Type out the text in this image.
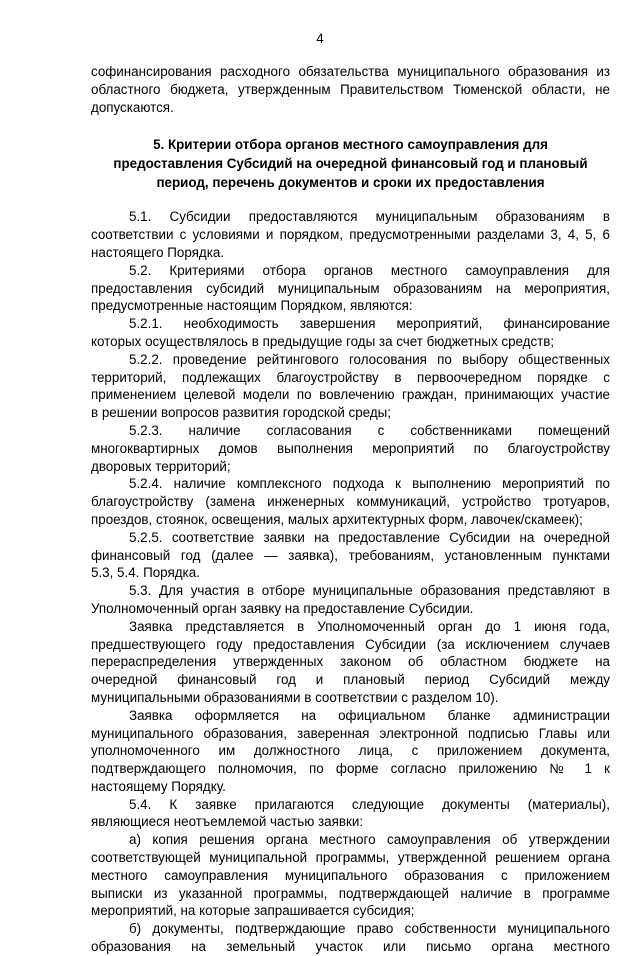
4
софинансирования расходного обязательства муниципального образования из
областного бюджета, утвержденным Правительством Тюменской области, не
допускаются.
5. Критерии отбора органов местного самоуправления для
предоставления Субсидий на очередной финансовый год и плановый
период, перечень документов и сроки их предоставления
5.1. Субсидии предоставляются муниципальным образованиям в
соответствии с условиями и порядком, предусмотренными разделами 3, 4, 5, 6
настоящего Порядка.
5.2. Критериями отбора органов местного самоуправления для
предоставления субсидий муниципальным образованиям на мероприятия,
предусмотренные настоящим Порядком, являются:
5.2.1. необходимость завершения мероприятий, финансирование
которых осуществлялось в предыдущие годы за счет бюджетных средств;
5.2.2. проведение рейтингового голосования по выбору общественных
территорий, подлежащих благоустройству в первоочередном порядке с
применением целевой модели по вовлечению граждан, принимающих участие
в решении вопросов развития городской среды;
5.2.3. наличие согласования с собственниками помещений
многоквартирных домов выполнения мероприятий по благоустройству
дворовых территорий;
5.2.4. наличие комплексного подхода к выполнению мероприятий по
благоустройству (замена инженерных коммуникаций, устройство тротуаров,
проездов, стоянок, освещения, малых архитектурных форм, лавочек/скамеек);
5.2.5. соответствие заявки на предоставление Субсидии на очередной
финансовый год (далее — заявка), требованиям, установленным пунктами
5.3, 5.4. Порядка.
5.3. Для участия в отборе муниципальные образования представляют в
Уполномоченный орган заявку на предоставление Субсидии.
Заявка представляется в Уполномоченный орган до 1 июня года,
предшествующего году предоставления Субсидии (за исключением случаев
перераспределения утвержденных законом об областном бюджете на
очередной финансовый год и плановый период Субсидий между
муниципальными образованиями в соответствии с разделом 10).
Заявка оформляется на официальном бланке администрации
муниципального образования, заверенная электронной подписью Главы или
уполномоченного им должностного лица, с приложением документа,
подтверждающего полномочия, по форме согласно приложению № 1 к
настоящему Порядку.
5.4. К заявке прилагаются следующие документы (материалы),
являющиеся неотъемлемой частью заявки:
а) копия решения органа местного самоуправления об утверждении
соответствующей муниципальной программы, утвержденной решением органа
местного самоуправления муниципального образования с приложением
выписки из указанной программы, подтверждающей наличие в программе
мероприятий, на которые запрашивается субсидия;
б) документы, подтверждающие право собственности муниципального
образования на земельный участок или письмо органа местного
